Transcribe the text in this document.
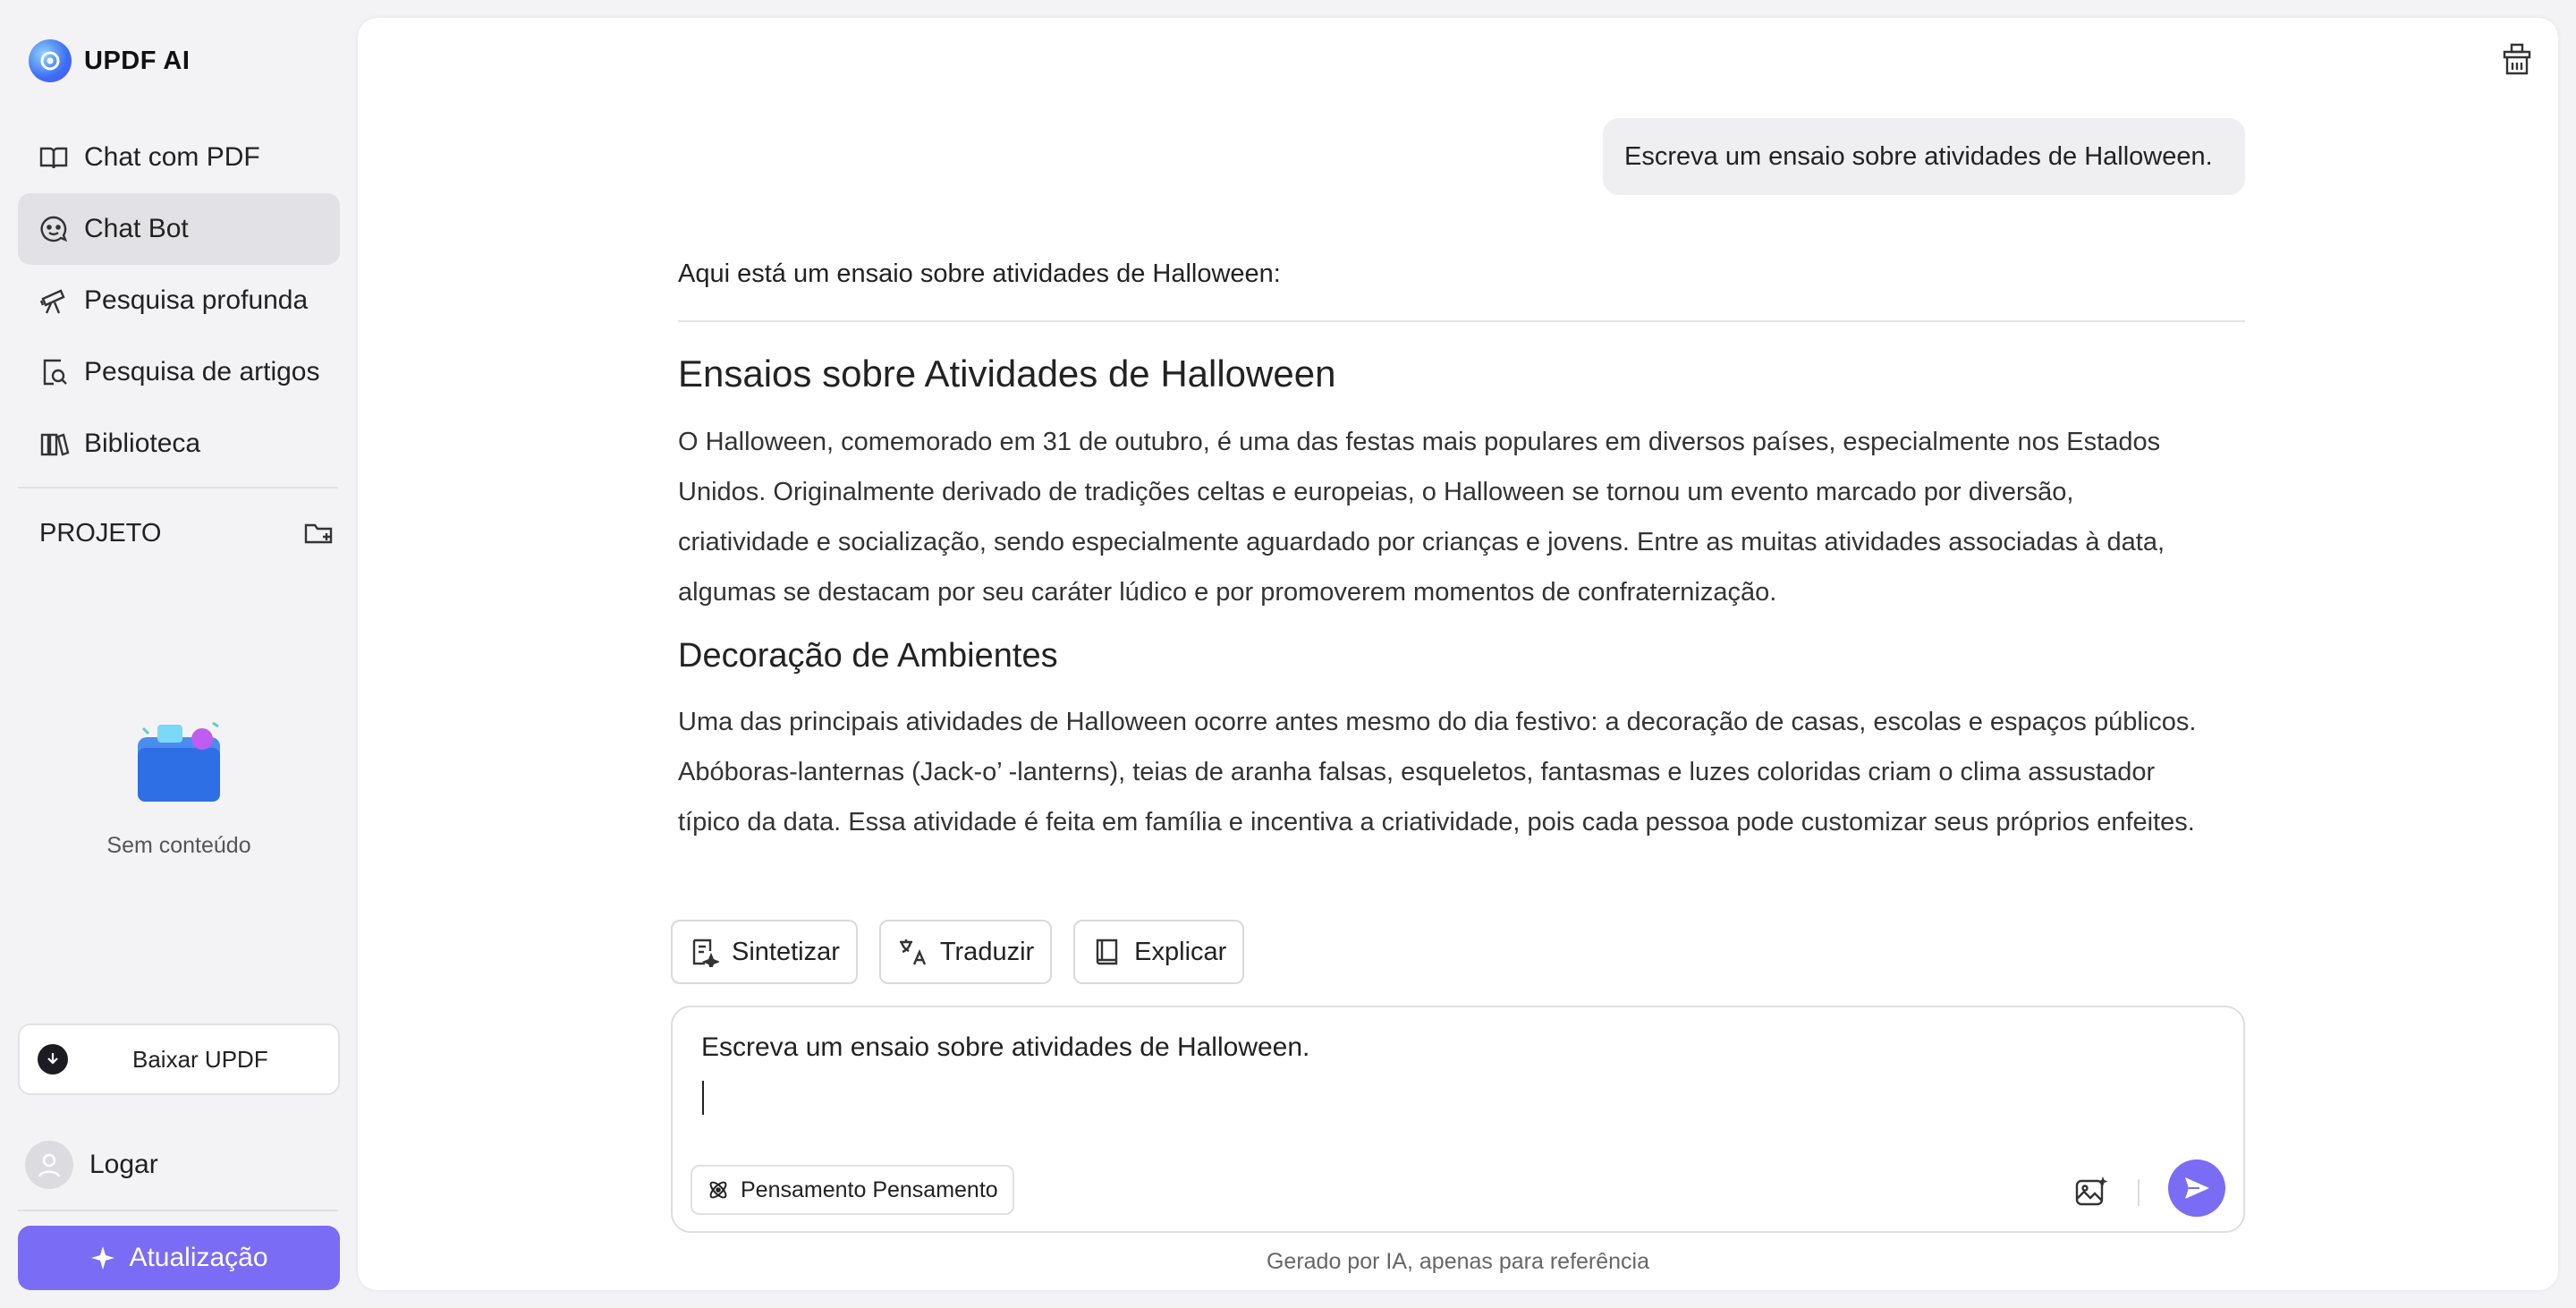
UPDF AI
Chat com PDF
Chat Bot
Pesquisa profunda
Pesquisa de artigos
Biblioteca
PROJETO
Sem conteúdo
Baixar UPDF
Logar
Atualização
Escreva um ensaio sobre atividades de Halloween.
Aqui está um ensaio sobre atividades de Halloween:
Ensaios sobre Atividades de Halloween
O Halloween, comemorado em 31 de outubro, é uma das festas mais populares em diversos países, especialmente nos Estados
Unidos. Originalmente derivado de tradições celtas e europeias, o Halloween se tornou um evento marcado por diversão,
criatividade e socialização, sendo especialmente aguardado por crianças e jovens. Entre as muitas atividades associadas à data,
algumas se destacam por seu caráter lúdico e por promoverem momentos de confraternização.
Decoração de Ambientes
Uma das principais atividades de Halloween ocorre antes mesmo do dia festivo: a decoração de casas, escolas e espaços públicos.
Abóboras-lanternas (Jack-o’ -lanterns), teias de aranha falsas, esqueletos, fantasmas e luzes coloridas criam o clima assustador
típico da data. Essa atividade é feita em família e incentiva a criatividade, pois cada pessoa pode customizar seus próprios enfeites.
Sintetizar	Traduzir	Explicar
Escreva um ensaio sobre atividades de Halloween.
Pensamento Pensamento
Gerado por IA, apenas para referência
